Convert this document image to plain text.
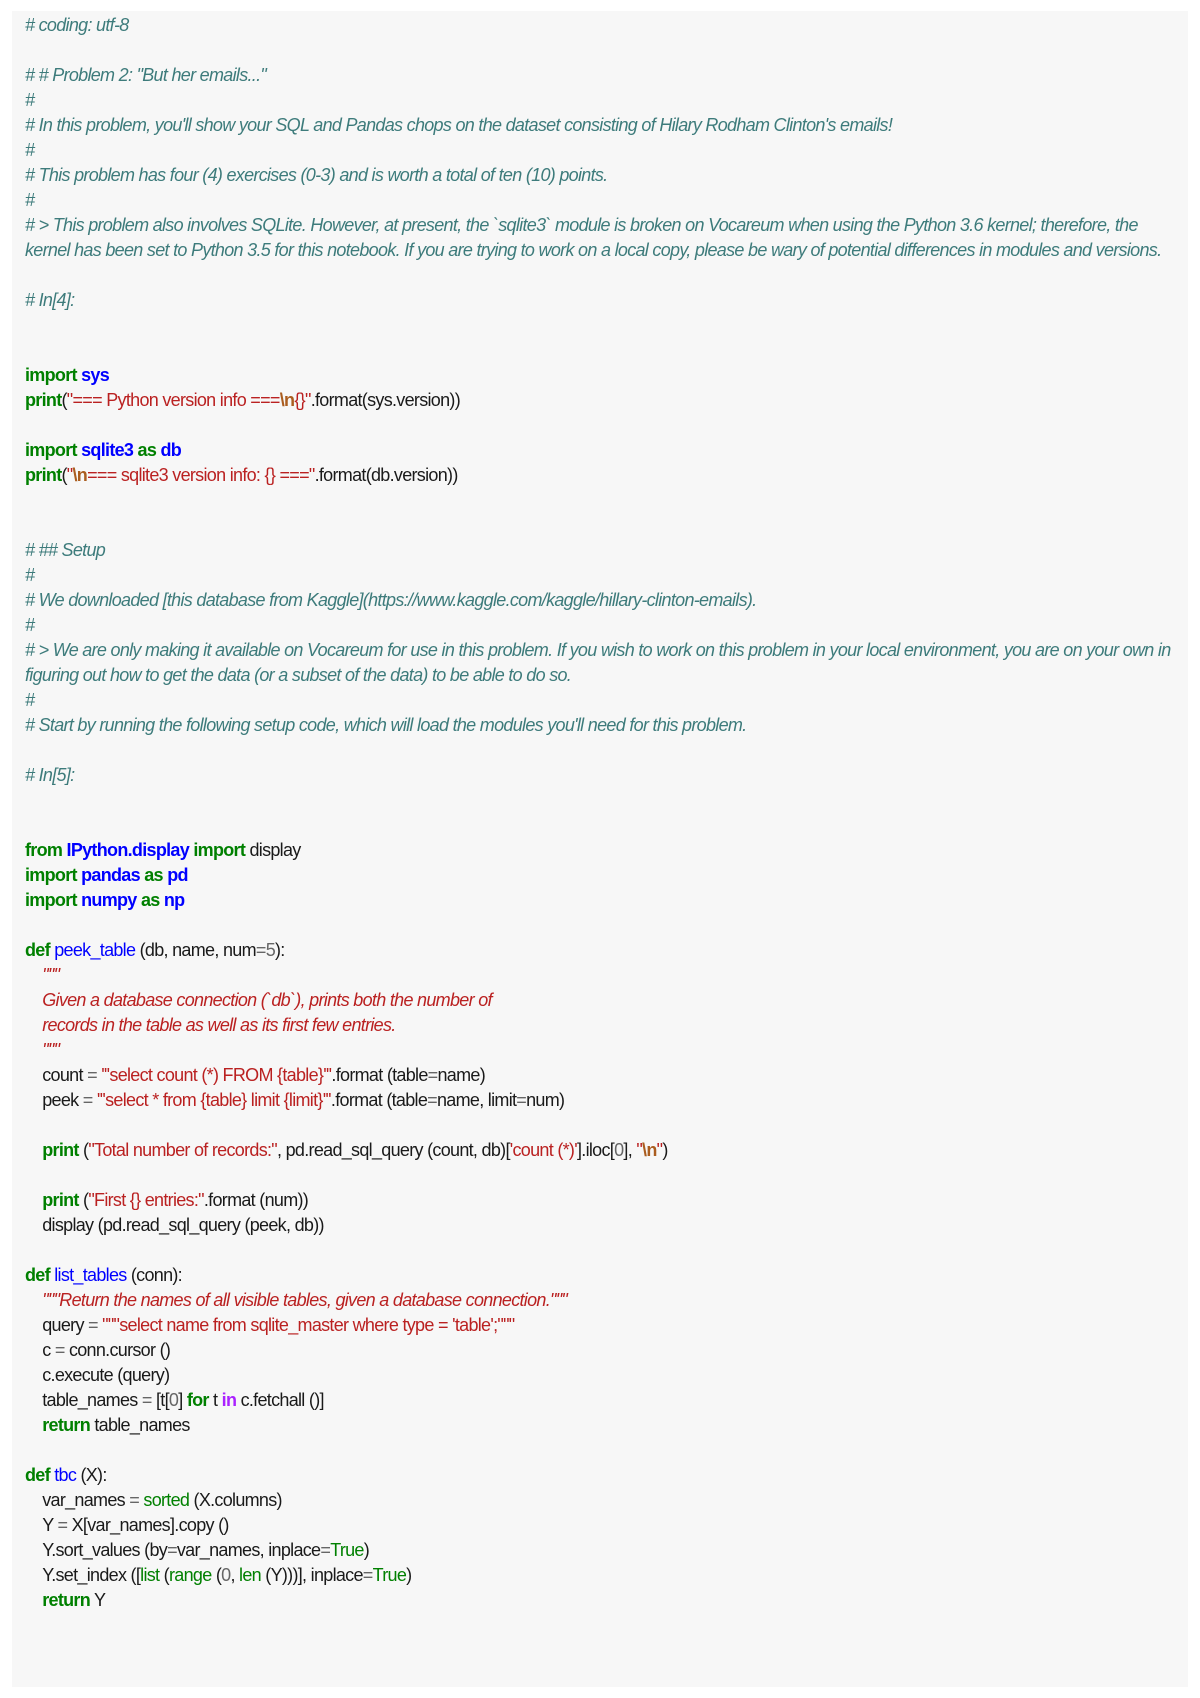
# coding: utf-8

# # Problem 2: "But her emails..."
#
# In this problem, you'll show your SQL and Pandas chops on the dataset consisting of Hilary Rodham Clinton's emails!
#
# This problem has four (4) exercises (0-3) and is worth a total of ten (10) points.
#
# > This problem also involves SQLite. However, at present, the `sqlite3` module is broken on Vocareum when using the Python 3.6 kernel; therefore, the kernel has been set to Python 3.5 for this notebook. If you are trying to work on a local copy, please be wary of potential differences in modules and versions.

# In[4]:

import sys
print("=== Python version info ===\n{}".format(sys.version))

import sqlite3 as db
print("\n=== sqlite3 version info: {} ===".format(db.version))

# ## Setup
#
# We downloaded [this database from Kaggle](https://www.kaggle.com/kaggle/hillary-clinton-emails).
#
# > We are only making it available on Vocareum for use in this problem. If you wish to work on this problem in your local environment, you are on your own in figuring out how to get the data (or a subset of the data) to be able to do so.
#
# Start by running the following setup code, which will load the modules you'll need for this problem.

# In[5]:

from IPython.display import display
import pandas as pd
import numpy as np

def peek_table (db, name, num=5):
"""
Given a database connection (`db`), prints both the number of
records in the table as well as its first few entries.
"""
count = '''select count (*) FROM {table}'''.format (table=name)
peek = '''select * from {table} limit {limit}'''.format (table=name, limit=num)

print ("Total number of records:", pd.read_sql_query (count, db)['count (*)'].iloc[0], "\n")

print ("First {} entries:".format (num))
display (pd.read_sql_query (peek, db))

def list_tables (conn):
"""Return the names of all visible tables, given a database connection."""
query = """select name from sqlite_master where type = 'table';"""
c = conn.cursor ()
c.execute (query)
table_names = [t[0] for t in c.fetchall ()]
return table_names

def tbc (X):
var_names = sorted (X.columns)
Y = X[var_names].copy ()
Y.sort_values (by=var_names, inplace=True)
Y.set_index ([list (range (0, len (Y)))], inplace=True)
return Y
